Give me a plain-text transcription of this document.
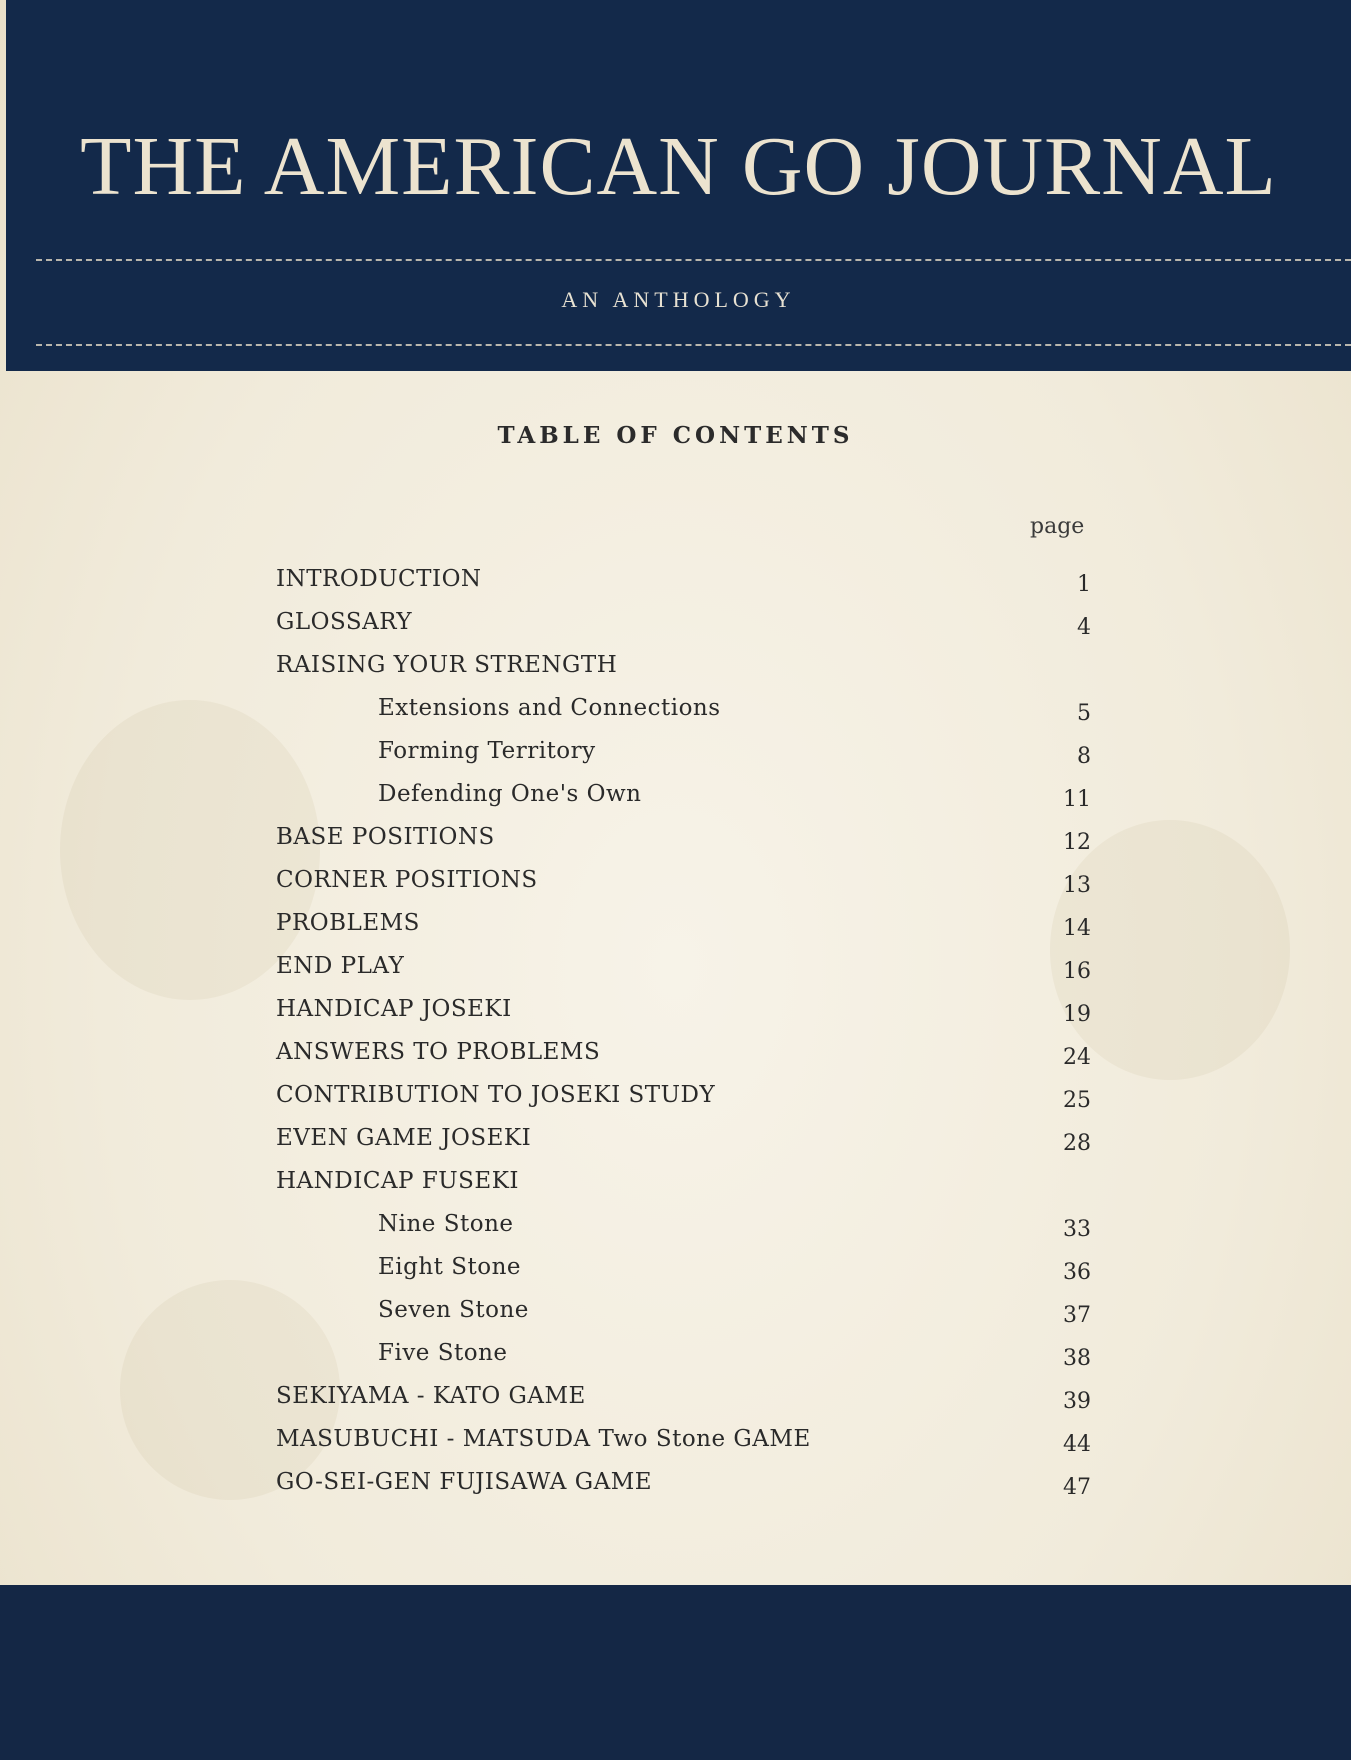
THE AMERICAN GO JOURNAL
AN ANTHOLOGY
TABLE OF CONTENTS
page
INTRODUCTION	1
GLOSSARY	4
RAISING YOUR STRENGTH
Extensions and Connections	5
Forming Territory	8
Defending One's Own	11
BASE POSITIONS	12
CORNER POSITIONS	13
PROBLEMS	14
END PLAY	16
HANDICAP JOSEKI	19
ANSWERS TO PROBLEMS	24
CONTRIBUTION TO JOSEKI STUDY	25
EVEN GAME JOSEKI	28
HANDICAP FUSEKI
Nine Stone	33
Eight Stone	36
Seven Stone	37
Five Stone	38
SEKIYAMA - KATO GAME	39
MASUBUCHI - MATSUDA Two Stone GAME	44
GO-SEI-GEN FUJISAWA GAME	47
